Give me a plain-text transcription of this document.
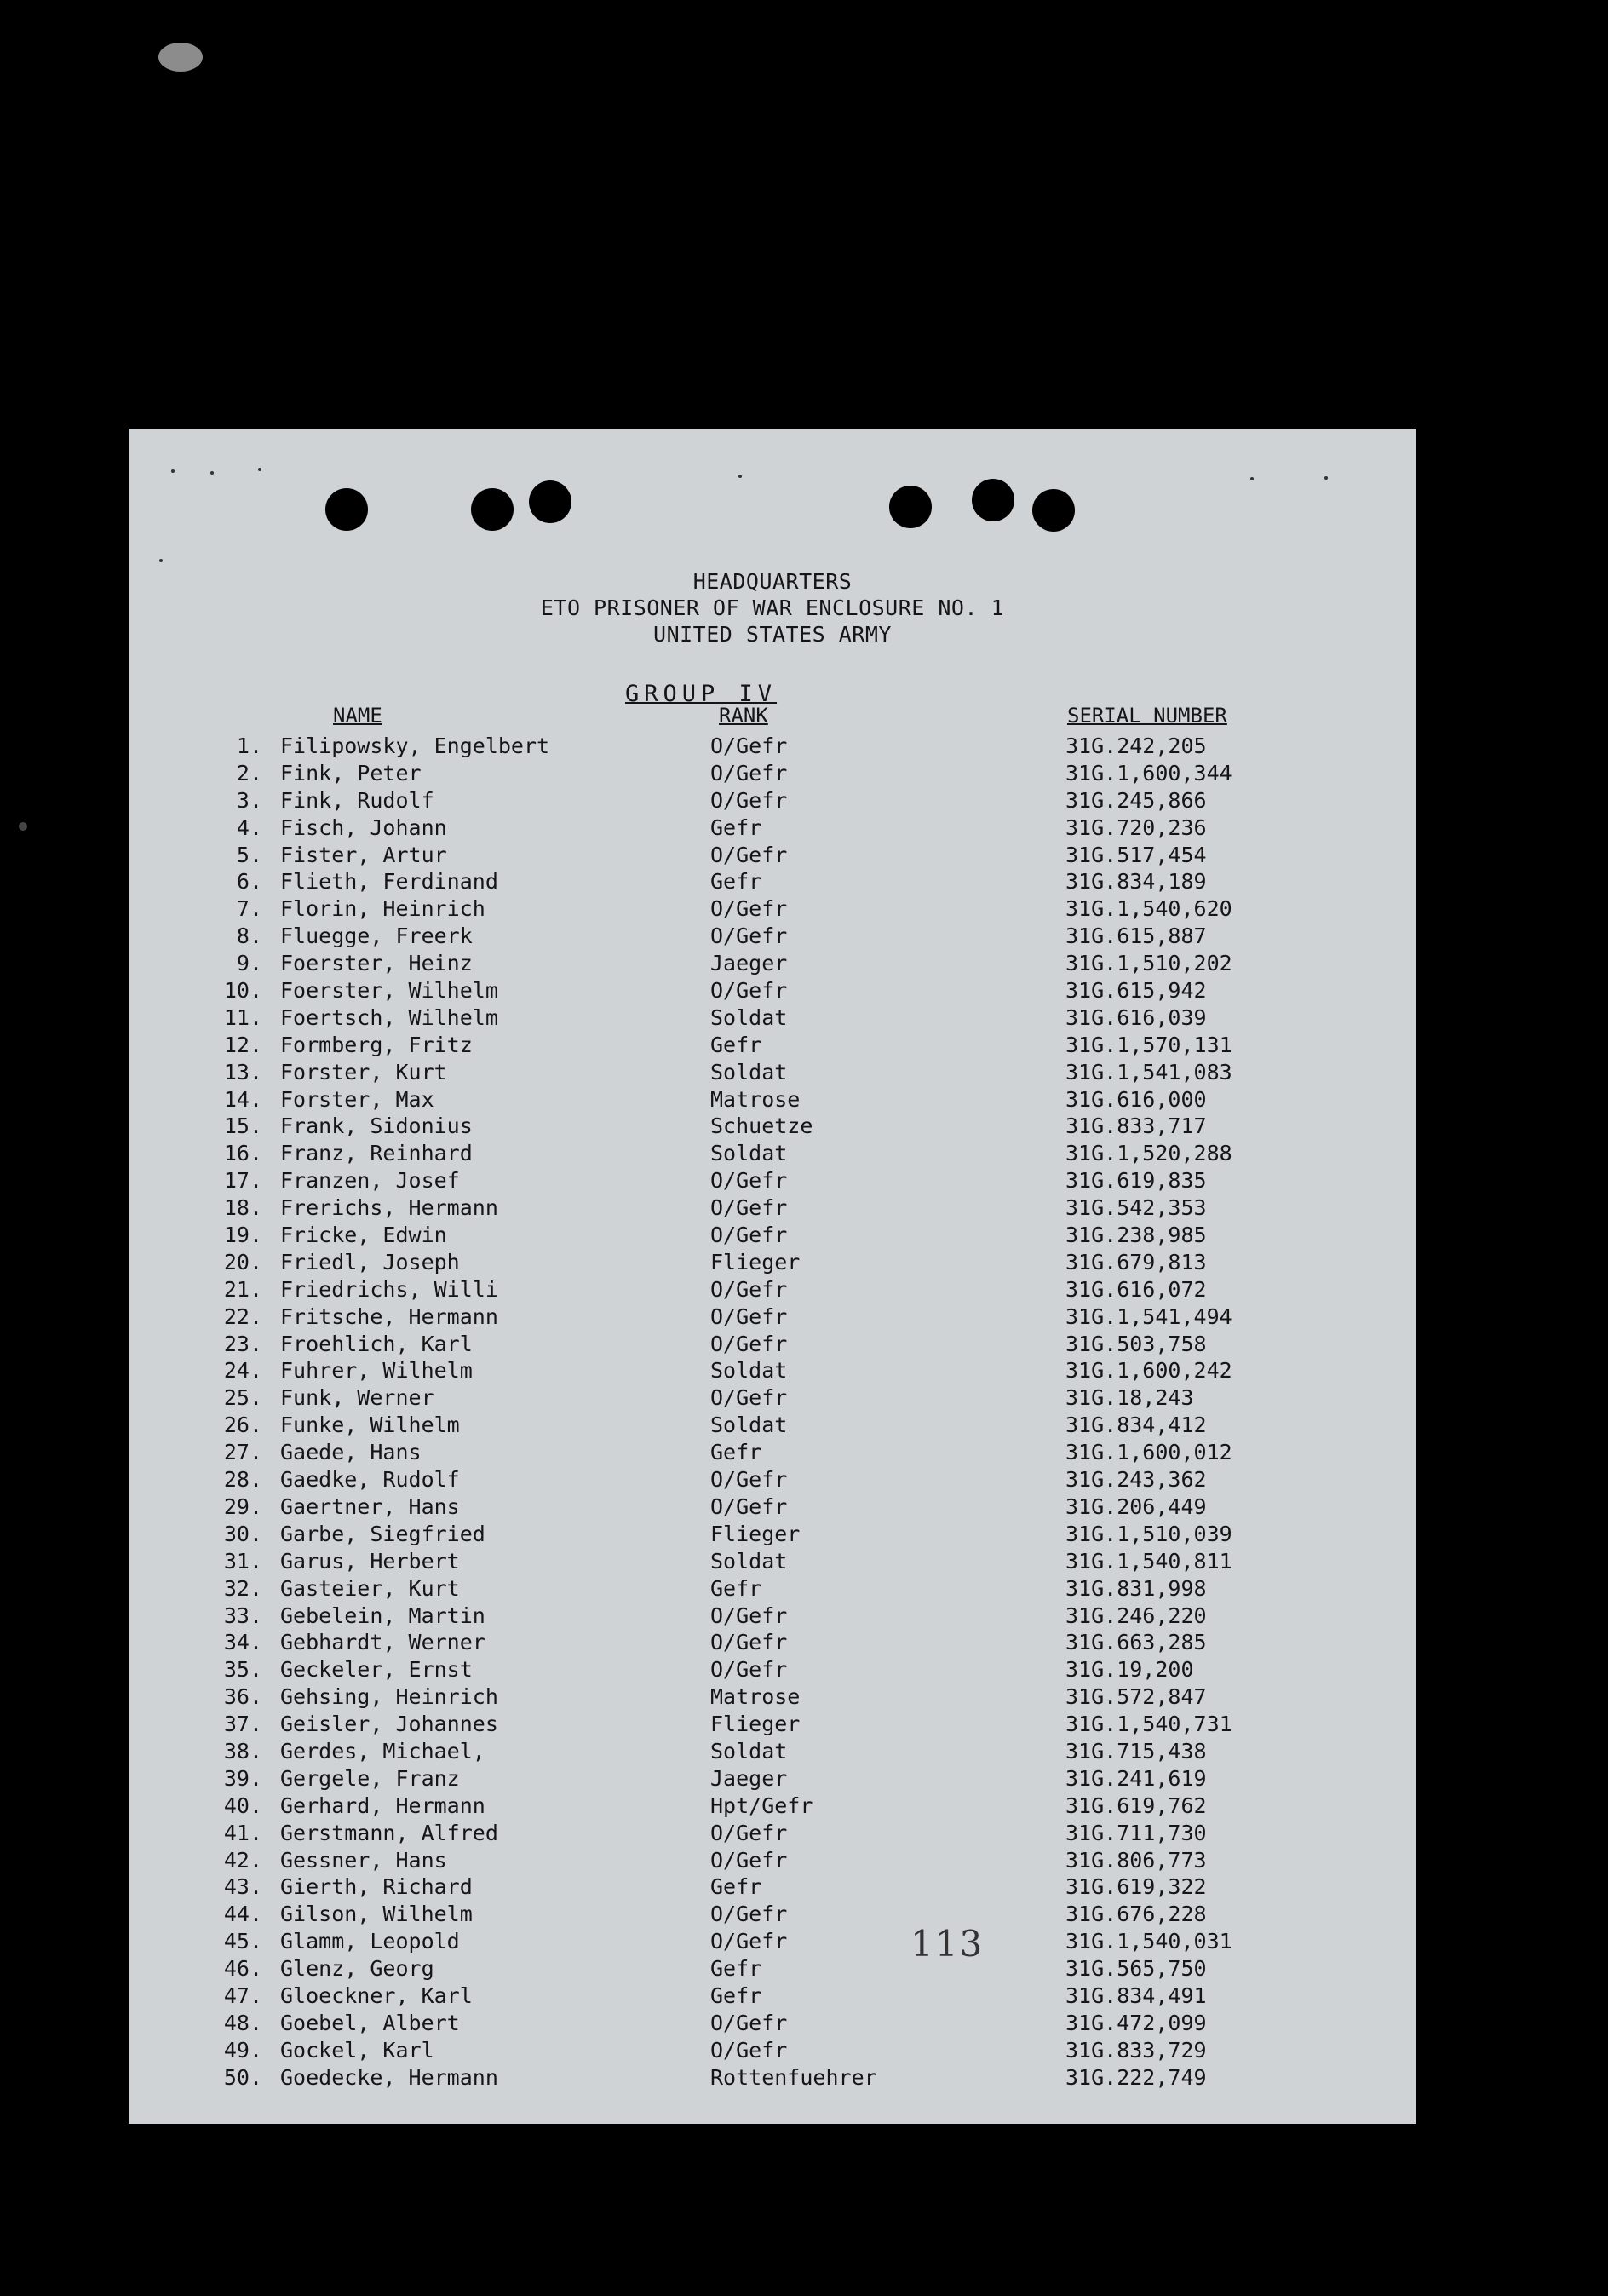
HEADQUARTERS
ETO PRISONER OF WAR ENCLOSURE NO. 1
UNITED STATES ARMY
GROUP IV
NAME	RANK	SERIAL NUMBER
1. Filipowsky, Engelbert	O/Gefr	31G.242,205
2. Fink, Peter	O/Gefr	31G.1,600,344
3. Fink, Rudolf	O/Gefr	31G.245,866
4. Fisch, Johann	Gefr	31G.720,236
5. Fister, Artur	O/Gefr	31G.517,454
6. Flieth, Ferdinand	Gefr	31G.834,189
7. Florin, Heinrich	O/Gefr	31G.1,540,620
8. Fluegge, Freerk	O/Gefr	31G.615,887
9. Foerster, Heinz	Jaeger	31G.1,510,202
10. Foerster, Wilhelm	O/Gefr	31G.615,942
11. Foertsch, Wilhelm	Soldat	31G.616,039
12. Formberg, Fritz	Gefr	31G.1,570,131
13. Forster, Kurt	Soldat	31G.1,541,083
14. Forster, Max	Matrose	31G.616,000
15. Frank, Sidonius	Schuetze	31G.833,717
16. Franz, Reinhard	Soldat	31G.1,520,288
17. Franzen, Josef	O/Gefr	31G.619,835
18. Frerichs, Hermann	O/Gefr	31G.542,353
19. Fricke, Edwin	O/Gefr	31G.238,985
20. Friedl, Joseph	Flieger	31G.679,813
21. Friedrichs, Willi	O/Gefr	31G.616,072
22. Fritsche, Hermann	O/Gefr	31G.1,541,494
23. Froehlich, Karl	O/Gefr	31G.503,758
24. Fuhrer, Wilhelm	Soldat	31G.1,600,242
25. Funk, Werner	O/Gefr	31G.18,243
26. Funke, Wilhelm	Soldat	31G.834,412
27. Gaede, Hans	Gefr	31G.1,600,012
28. Gaedke, Rudolf	O/Gefr	31G.243,362
29. Gaertner, Hans	O/Gefr	31G.206,449
30. Garbe, Siegfried	Flieger	31G.1,510,039
31. Garus, Herbert	Soldat	31G.1,540,811
32. Gasteier, Kurt	Gefr	31G.831,998
33. Gebelein, Martin	O/Gefr	31G.246,220
34. Gebhardt, Werner	O/Gefr	31G.663,285
35. Geckeler, Ernst	O/Gefr	31G.19,200
36. Gehsing, Heinrich	Matrose	31G.572,847
37. Geisler, Johannes	Flieger	31G.1,540,731
38. Gerdes, Michael,	Soldat	31G.715,438
39. Gergele, Franz	Jaeger	31G.241,619
40. Gerhard, Hermann	Hpt/Gefr	31G.619,762
41. Gerstmann, Alfred	O/Gefr	31G.711,730
42. Gessner, Hans	O/Gefr	31G.806,773
43. Gierth, Richard	Gefr	31G.619,322
44. Gilson, Wilhelm	O/Gefr	31G.676,228
45. Glamm, Leopold	O/Gefr	31G.1,540,031
46. Glenz, Georg	Gefr	31G.565,750
47. Gloeckner, Karl	Gefr	31G.834,491
48. Goebel, Albert	O/Gefr	31G.472,099
49. Gockel, Karl	O/Gefr	31G.833,729
50. Goedecke, Hermann	Rottenfuehrer	31G.222,749
113
